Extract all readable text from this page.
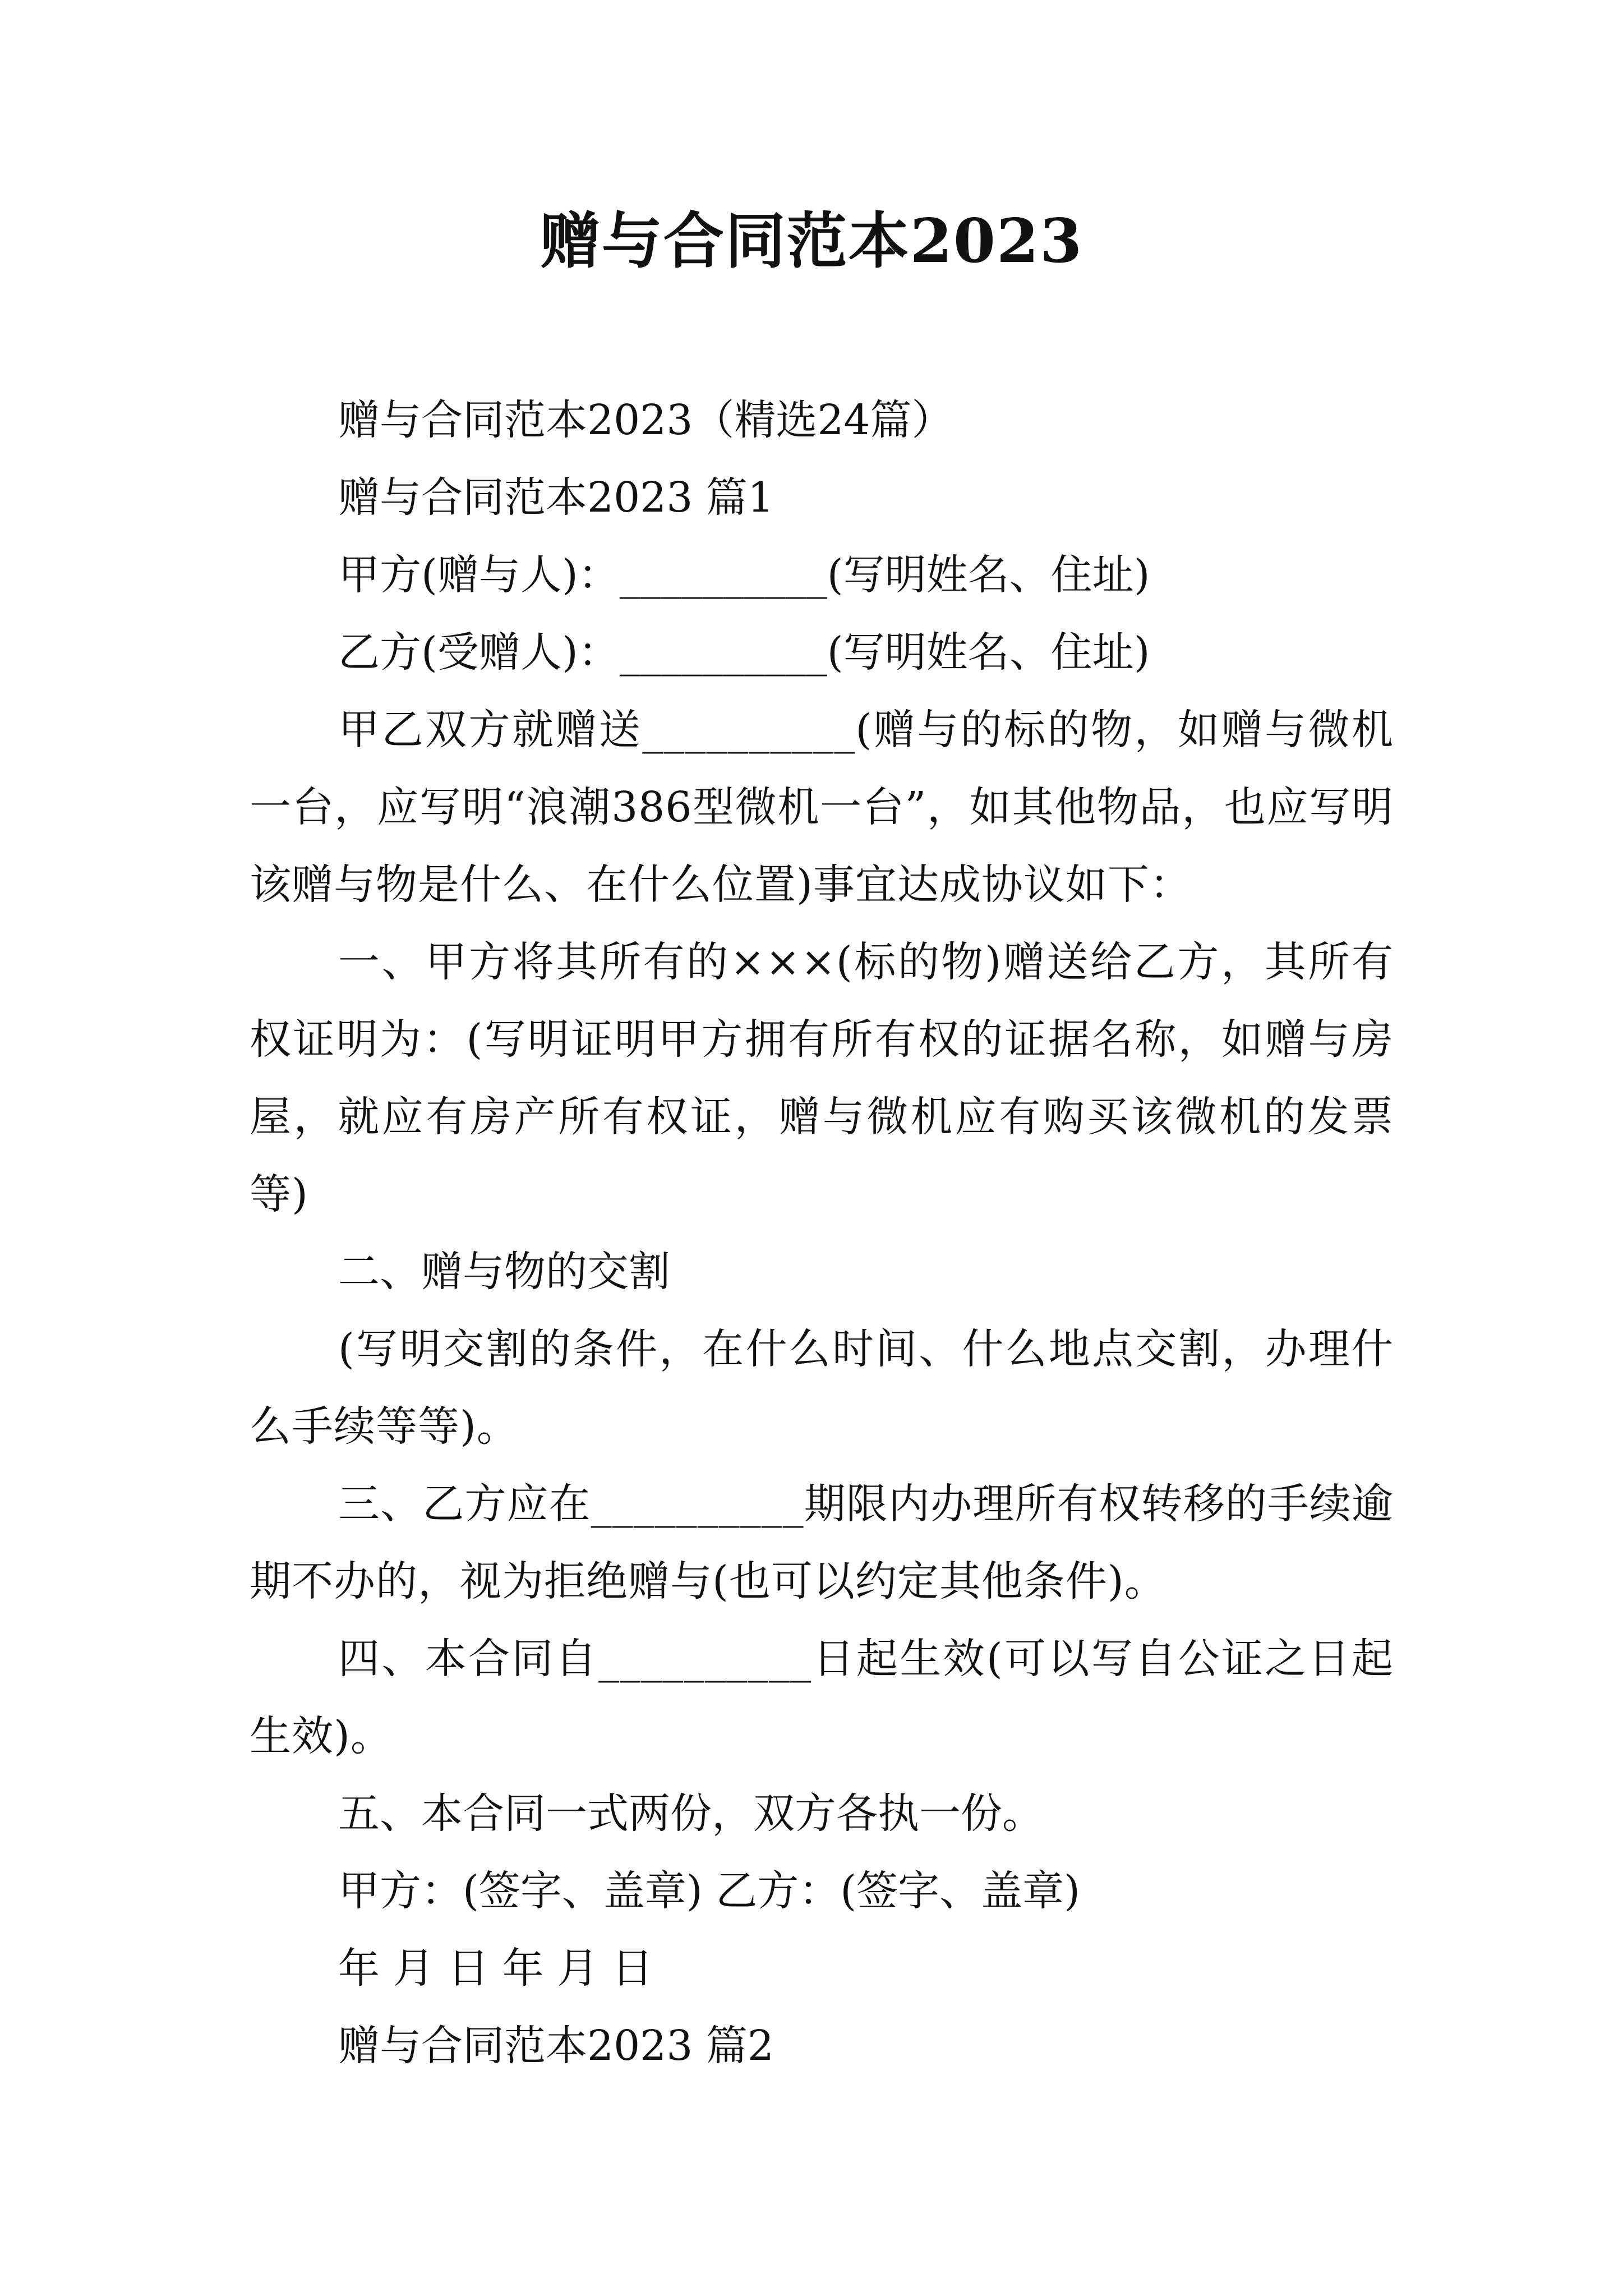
赠与合同范本2023

赠与合同范本2023（精选24篇）

赠与合同范本2023 篇1

甲方(赠与人)：__________(写明姓名、住址)

乙方(受赠人)：__________(写明姓名、住址)

甲乙双方就赠送__________(赠与的标的物，如赠与微机一台，应写明“浪潮386型微机一台”，如其他物品，也应写明该赠与物是什么、在什么位置)事宜达成协议如下：

一、甲方将其所有的×××(标的物)赠送给乙方，其所有权证明为：(写明证明甲方拥有所有权的证据名称，如赠与房屋，就应有房产所有权证，赠与微机应有购买该微机的发票等)

二、赠与物的交割

(写明交割的条件，在什么时间、什么地点交割，办理什么手续等等)。

三、乙方应在__________期限内办理所有权转移的手续逾期不办的，视为拒绝赠与(也可以约定其他条件)。

四、本合同自__________日起生效(可以写自公证之日起生效)。

五、本合同一式两份，双方各执一份。

甲方：(签字、盖章) 乙方：(签字、盖章)

年 月 日 年 月 日

赠与合同范本2023 篇2
